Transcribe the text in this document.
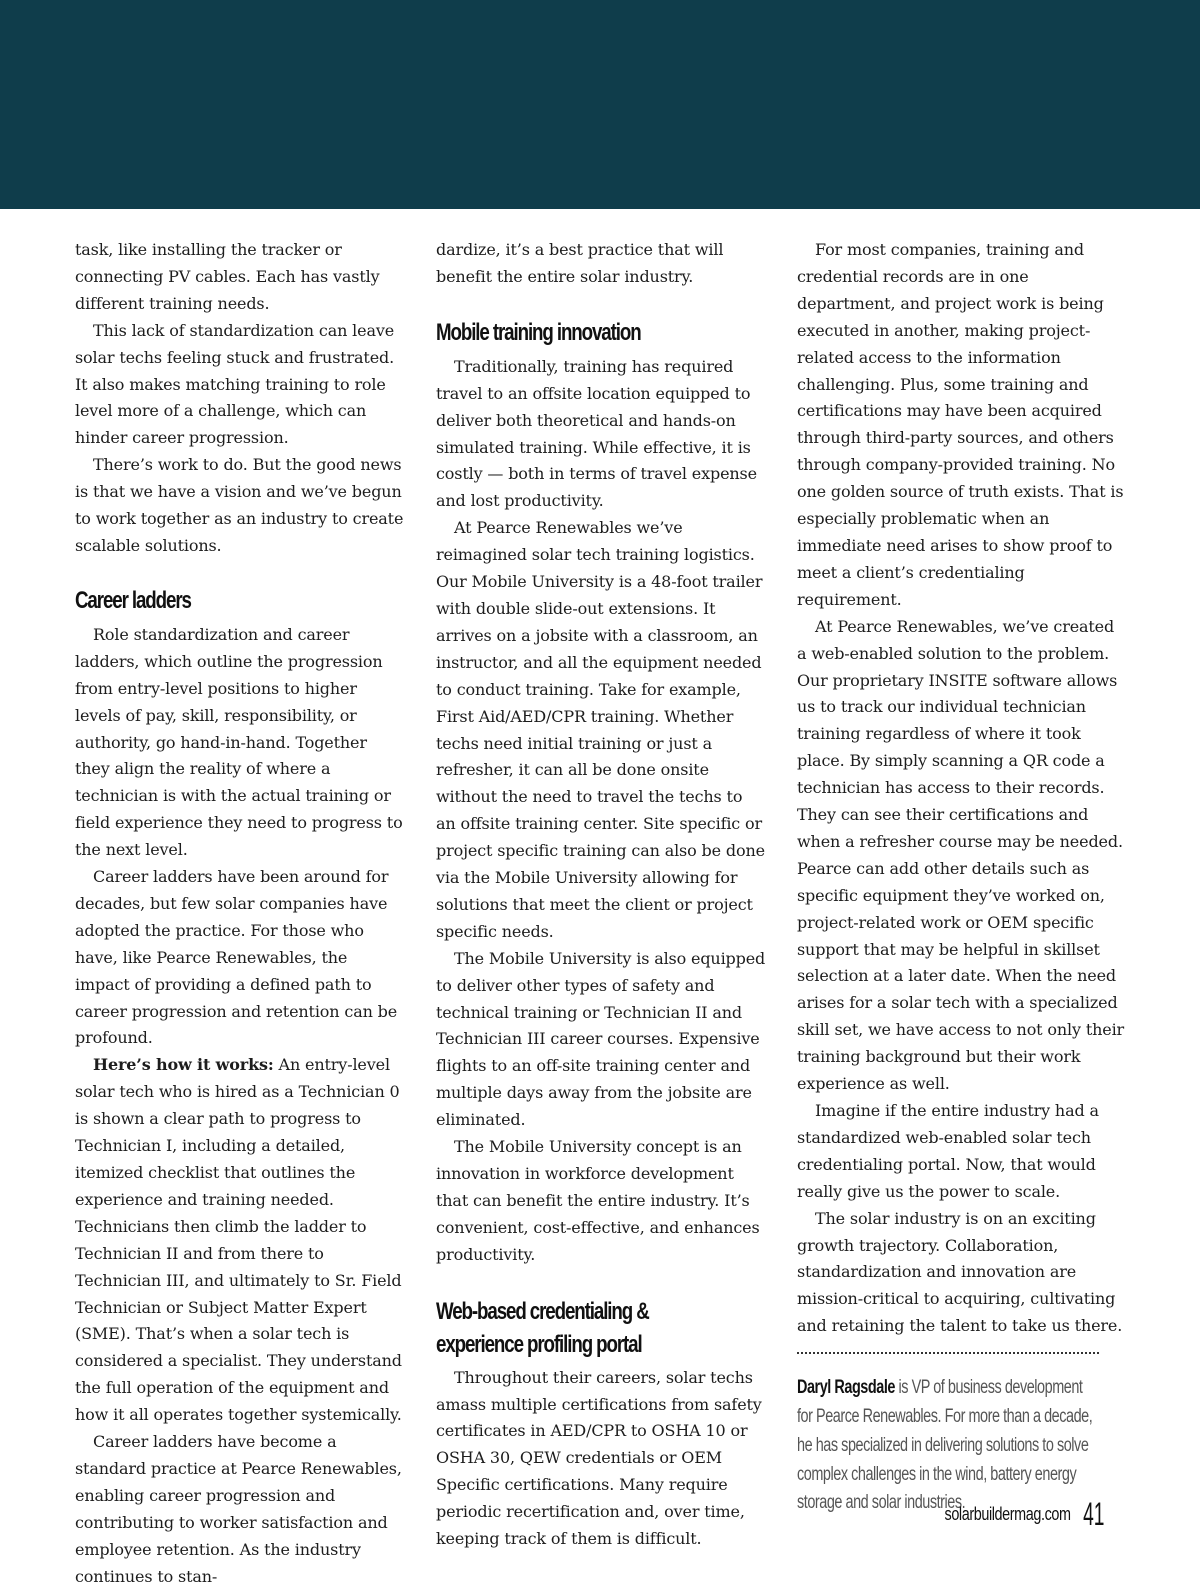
task, like installing the tracker or connecting PV cables. Each has vastly different training needs.

This lack of standardization can leave solar techs feeling stuck and frustrated. It also makes matching training to role level more of a challenge, which can hinder career progression.

There’s work to do. But the good news is that we have a vision and we’ve begun to work together as an industry to create scalable solutions.

Career ladders

Role standardization and career ladders, which outline the progression from entry-level positions to higher levels of pay, skill, responsibility, or authority, go hand-in-hand. Together they align the reality of where a technician is with the actual training or field experience they need to progress to the next level.

Career ladders have been around for decades, but few solar companies have adopted the practice. For those who have, like Pearce Renewables, the impact of providing a defined path to career progression and retention can be profound.

Here’s how it works: An entry-level solar tech who is hired as a Technician 0 is shown a clear path to progress to Technician I, including a detailed, itemized checklist that outlines the experience and training needed. Technicians then climb the ladder to Technician II and from there to Technician III, and ultimately to Sr. Field Technician or Subject Matter Expert (SME). That’s when a solar tech is considered a specialist. They understand the full operation of the equipment and how it all operates together systemically.

Career ladders have become a standard practice at Pearce Renewables, enabling career progression and contributing to worker satisfaction and employee retention. As the industry continues to stan-

dardize, it’s a best practice that will benefit the entire solar industry.

Mobile training innovation

Traditionally, training has required travel to an offsite location equipped to deliver both theoretical and hands-on simulated training. While effective, it is costly — both in terms of travel expense and lost productivity.

At Pearce Renewables we’ve reimagined solar tech training logistics. Our Mobile University is a 48-foot trailer with double slide-out extensions. It arrives on a jobsite with a classroom, an instructor, and all the equipment needed to conduct training. Take for example, First Aid/AED/CPR training. Whether techs need initial training or just a refresher, it can all be done onsite without the need to travel the techs to an offsite training center. Site specific or project specific training can also be done via the Mobile University allowing for solutions that meet the client or project specific needs.

The Mobile University is also equipped to deliver other types of safety and technical training or Technician II and Technician III career courses. Expensive flights to an off-site training center and multiple days away from the jobsite are eliminated.

The Mobile University concept is an innovation in workforce development that can benefit the entire industry. It’s convenient, cost-effective, and enhances productivity.

Web-based credentialing &
experience profiling portal

Throughout their careers, solar techs amass multiple certifications from safety certificates in AED/CPR to OSHA 10 or OSHA 30, QEW credentials or OEM Specific certifications. Many require periodic recertification and, over time, keeping track of them is difficult.

For most companies, training and credential records are in one department, and project work is being executed in another, making project-related access to the information challenging. Plus, some training and certifications may have been acquired through third-party sources, and others through company-provided training. No one golden source of truth exists. That is especially problematic when an immediate need arises to show proof to meet a client’s credentialing requirement.

At Pearce Renewables, we’ve created a web-enabled solution to the problem. Our proprietary INSITE software allows us to track our individual technician training regardless of where it took place. By simply scanning a QR code a technician has access to their records. They can see their certifications and when a refresher course may be needed. Pearce can add other details such as specific equipment they’ve worked on, project-related work or OEM specific support that may be helpful in skillset selection at a later date. When the need arises for a solar tech with a specialized skill set, we have access to not only their training background but their work experience as well.

Imagine if the entire industry had a standardized web-enabled solar tech credentialing portal. Now, that would really give us the power to scale.

The solar industry is on an exciting growth trajectory. Collaboration, standardization and innovation are mission-critical to acquiring, cultivating and retaining the talent to take us there.

Daryl Ragsdale is VP of business development for Pearce Renewables. For more than a decade, he has specialized in delivering solutions to solve complex challenges in the wind, battery energy storage and solar industries.
solarbuildermag.com 41
